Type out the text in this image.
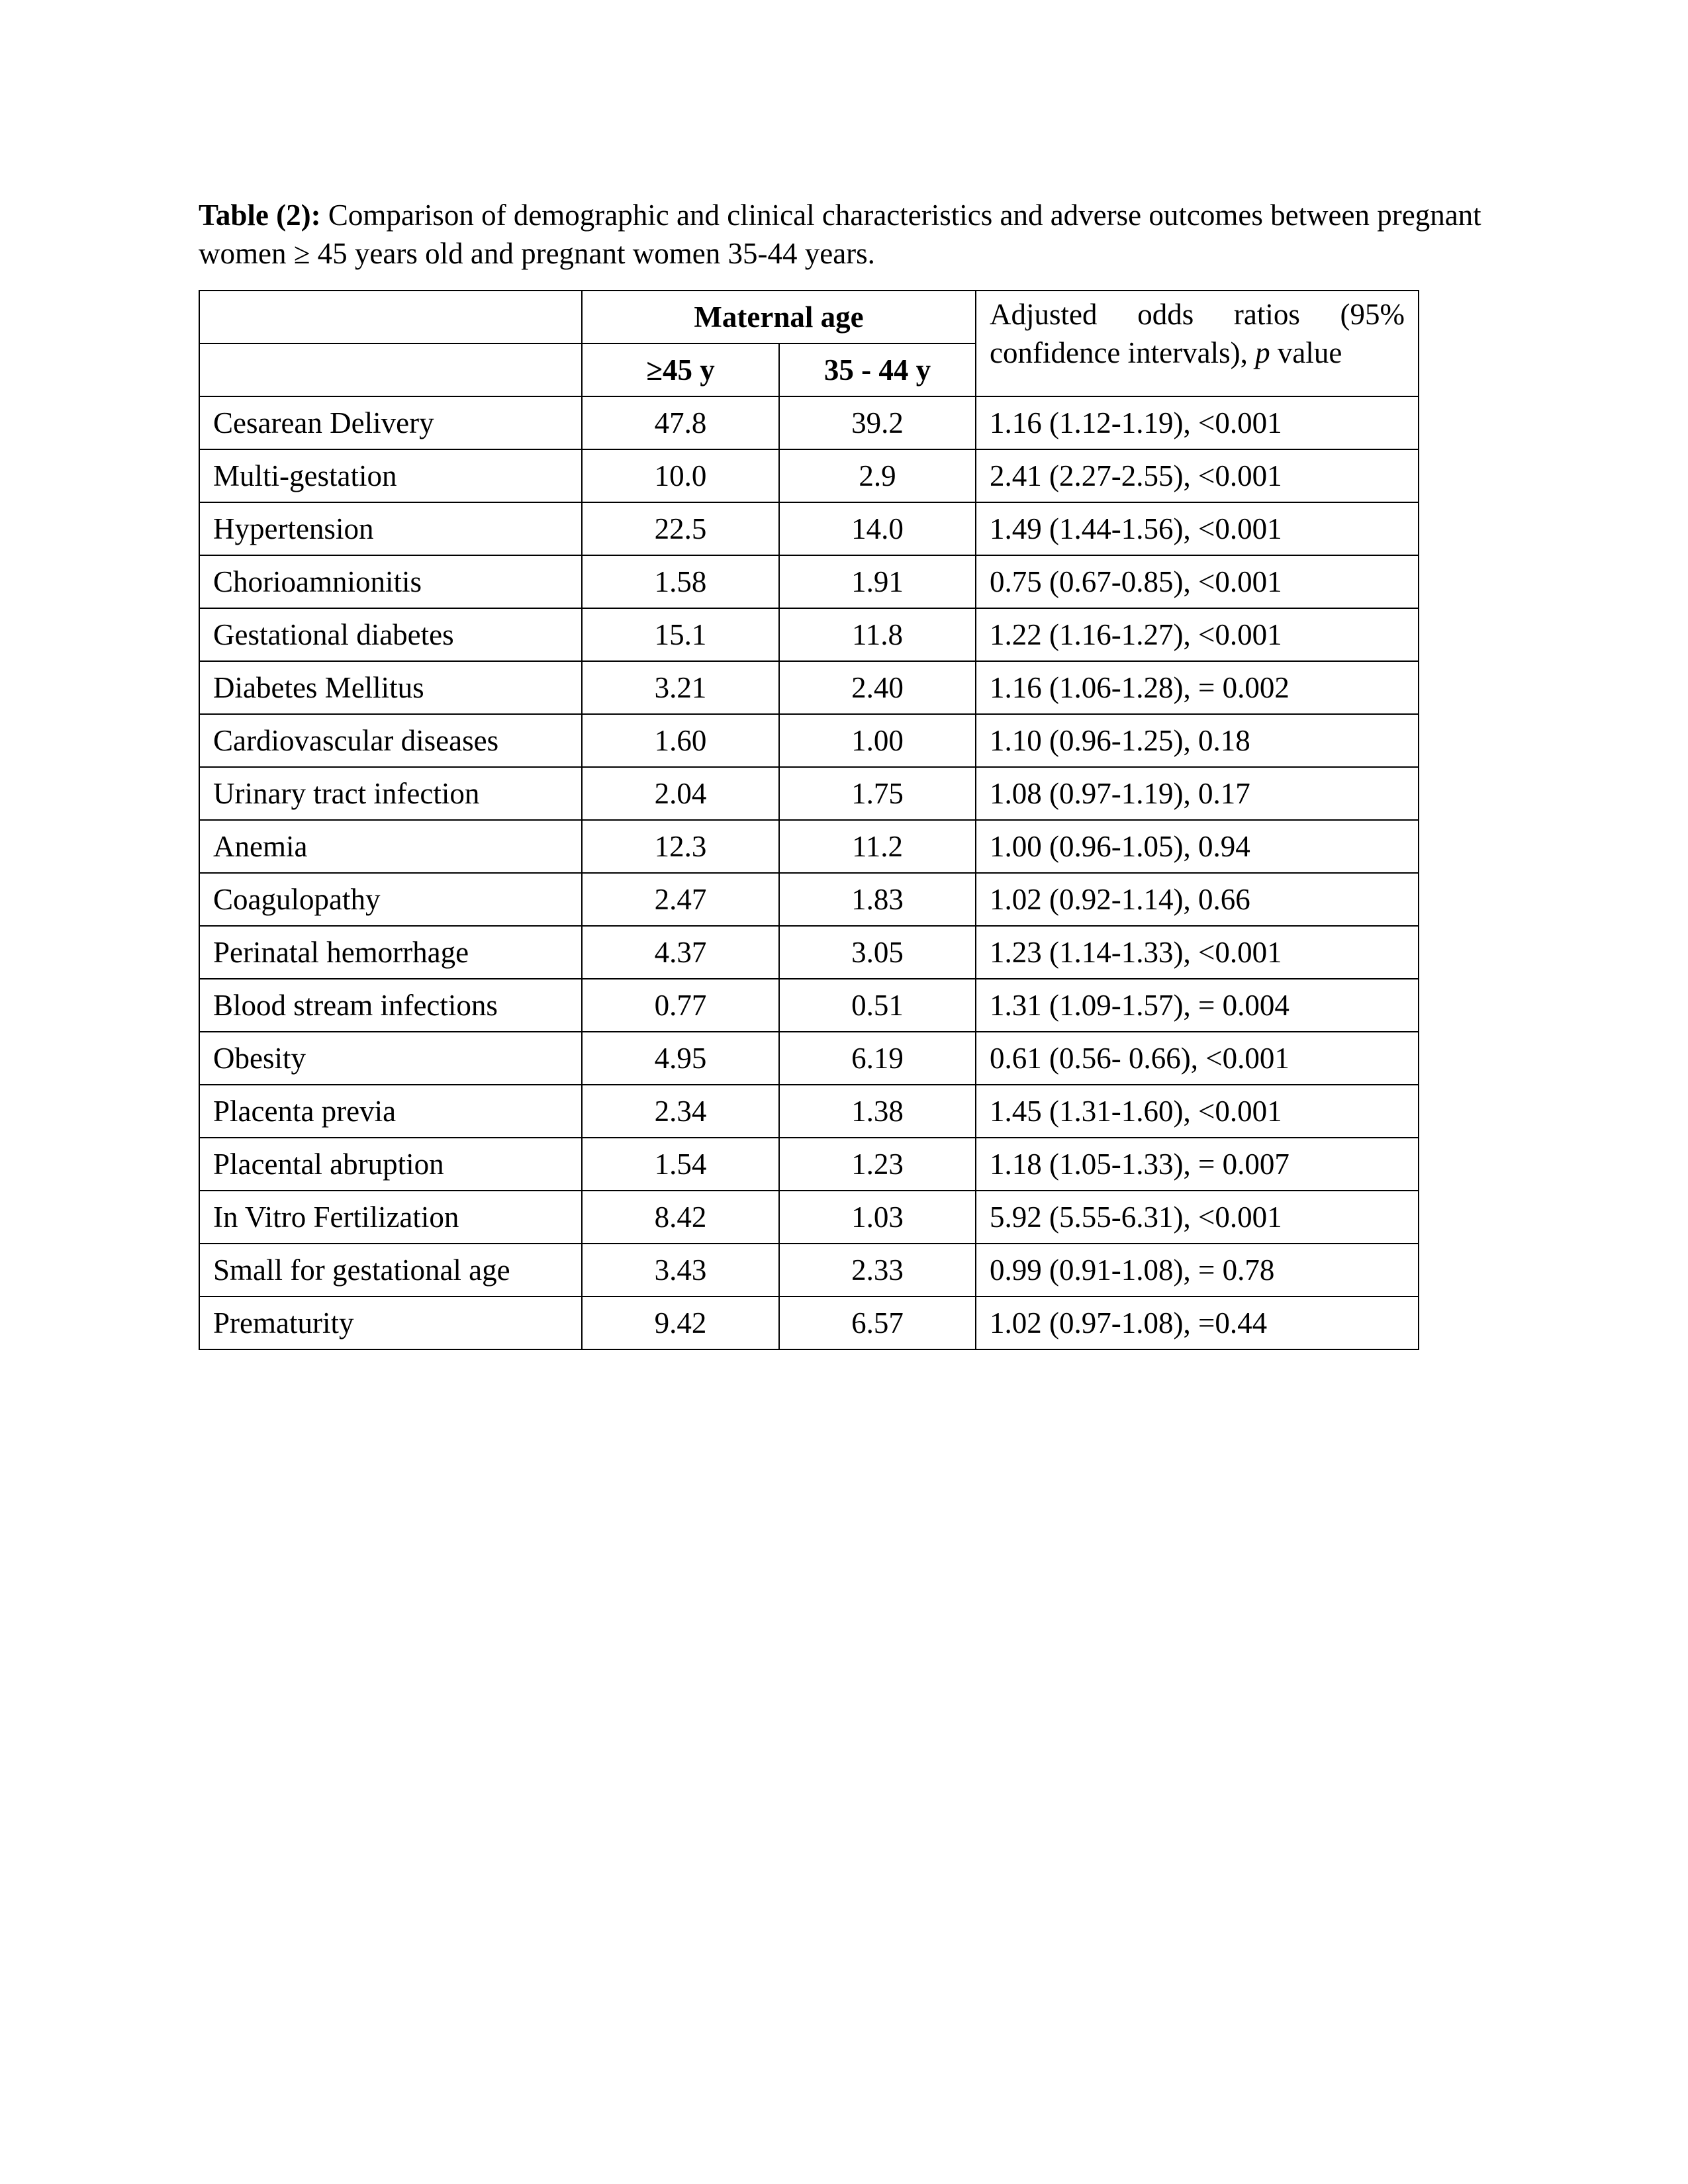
Table (2): Comparison of demographic and clinical characteristics and adverse outcomes between pregnant women ≥ 45 years old and pregnant women 35-44 years.
	Maternal age		Adjusted odds ratios (95%
confidence intervals), p value

	≥45 y	35 - 44 y	
Cesarean Delivery	47.8	39.2	1.16 (1.12-1.19), <0.001
Multi-gestation	10.0	2.9	2.41 (2.27-2.55), <0.001
Hypertension	22.5	14.0	1.49 (1.44-1.56), <0.001
Chorioamnionitis	1.58	1.91	0.75 (0.67-0.85), <0.001
Gestational diabetes	15.1	11.8	1.22 (1.16-1.27), <0.001
Diabetes Mellitus	3.21	2.40	1.16 (1.06-1.28), = 0.002
Cardiovascular diseases	1.60	1.00	1.10 (0.96-1.25), 0.18
Urinary tract infection	2.04	1.75	1.08 (0.97-1.19), 0.17
Anemia	12.3	11.2	1.00 (0.96-1.05), 0.94
Coagulopathy	2.47	1.83	1.02 (0.92-1.14), 0.66
Perinatal hemorrhage	4.37	3.05	1.23 (1.14-1.33), <0.001
Blood stream infections	0.77	0.51	1.31 (1.09-1.57), = 0.004
Obesity	4.95	6.19	0.61 (0.56- 0.66), <0.001
Placenta previa	2.34	1.38	1.45 (1.31-1.60), <0.001
Placental abruption	1.54	1.23	1.18 (1.05-1.33), = 0.007
In Vitro Fertilization	8.42	1.03	5.92 (5.55-6.31), <0.001
Small for gestational age	3.43	2.33	0.99 (0.91-1.08), = 0.78
Prematurity	9.42	6.57	1.02 (0.97-1.08), =0.44
